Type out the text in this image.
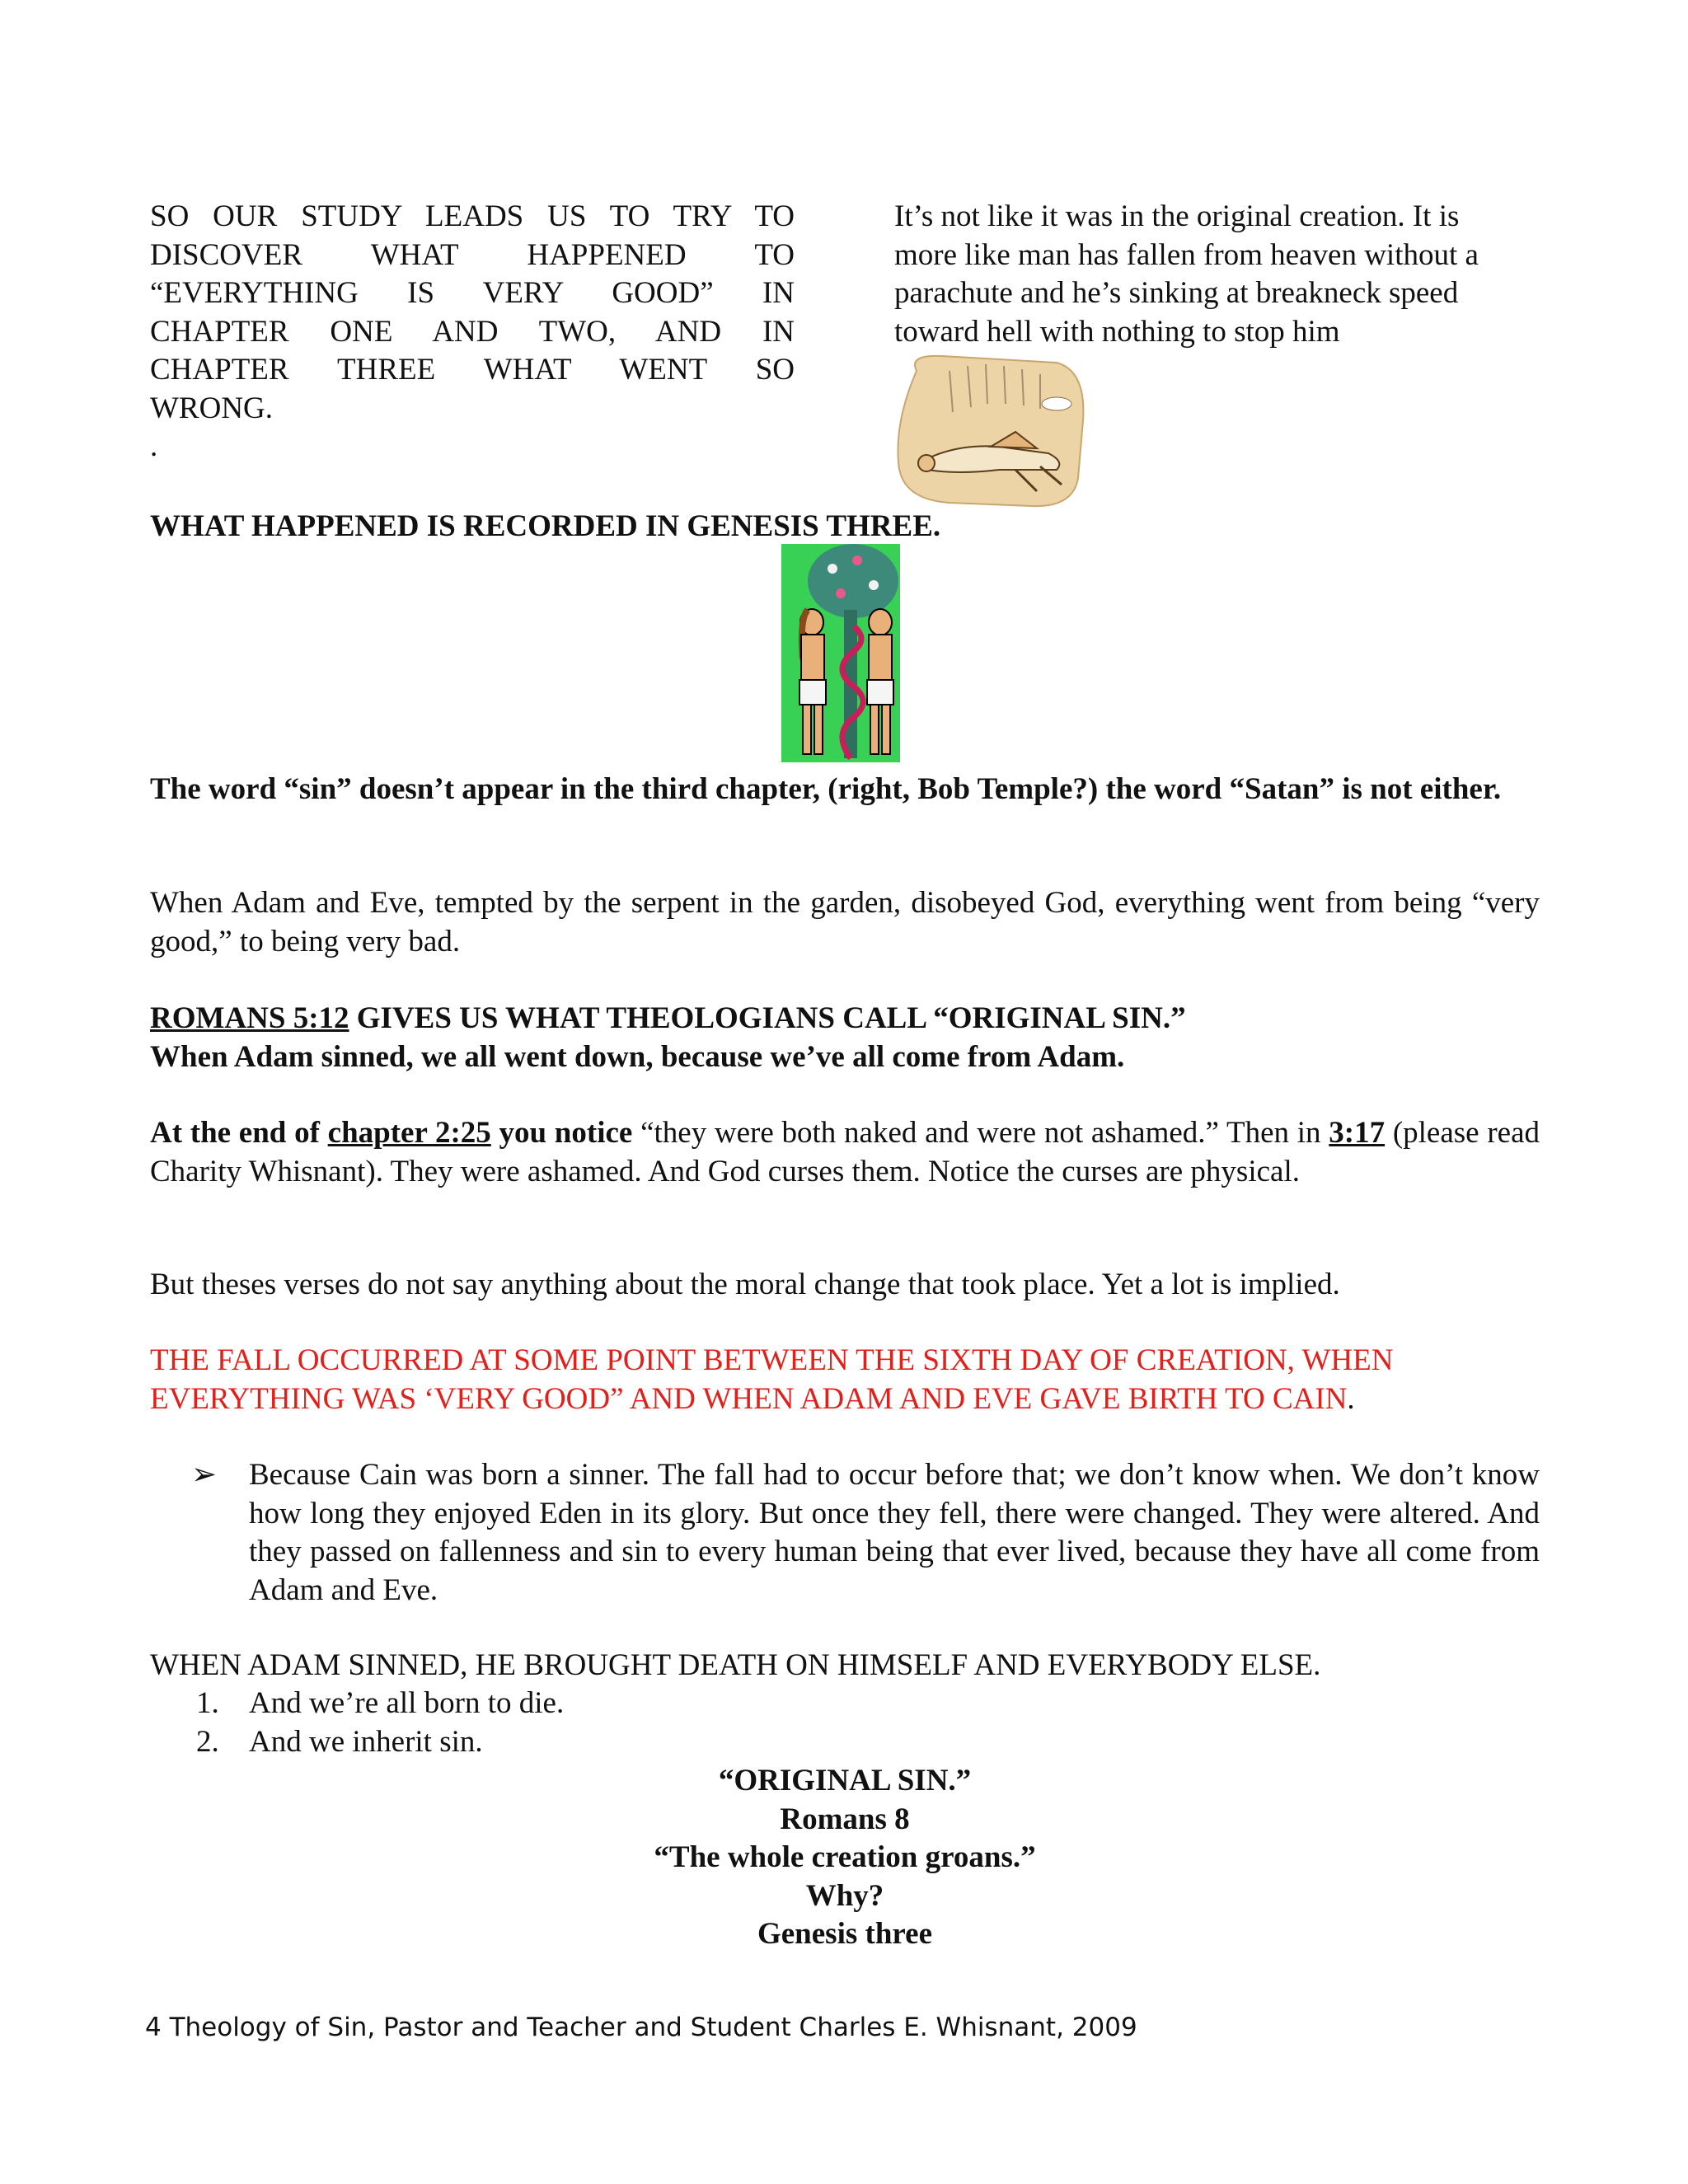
SO OUR STUDY LEADS US TO TRY TO
DISCOVER WHAT HAPPENED TO
“EVERYTHING IS VERY GOOD” IN
CHAPTER ONE AND TWO, AND IN
CHAPTER THREE WHAT WENT SO
WRONG.
.
It’s not like it was in the original creation. It is
more like man has fallen from heaven without a
parachute and he’s sinking at breakneck speed
toward hell with nothing to stop him
WHAT HAPPENED IS RECORDED IN GENESIS THREE.
The word “sin” doesn’t appear in the third chapter, (right, Bob Temple?) the word “Satan” is not either.
When Adam and Eve, tempted by the serpent in the garden, disobeyed God, everything went from being “very good,” to being very bad.
ROMANS 5:12 GIVES US WHAT THEOLOGIANS CALL “ORIGINAL SIN.”
When Adam sinned, we all went down, because we’ve all come from Adam.
At the end of chapter 2:25 you notice “they were both naked and were not ashamed.” Then in 3:17 (please read Charity Whisnant). They were ashamed. And God curses them. Notice the curses are physical.
But theses verses do not say anything about the moral change that took place. Yet a lot is implied.
THE FALL OCCURRED AT SOME POINT BETWEEN THE SIXTH DAY OF CREATION, WHEN EVERYTHING WAS ‘VERY GOOD” AND WHEN ADAM AND EVE GAVE BIRTH TO CAIN.
➢ Because Cain was born a sinner. The fall had to occur before that; we don’t know when. We don’t know how long they enjoyed Eden in its glory. But once they fell, there were changed. They were altered. And they passed on fallenness and sin to every human being that ever lived, because they have all come from Adam and Eve.
WHEN ADAM SINNED, HE BROUGHT DEATH ON HIMSELF AND EVERYBODY ELSE.
1. And we’re all born to die.
2. And we inherit sin.
“ORIGINAL SIN.”
Romans 8
“The whole creation groans.”
Why?
Genesis three
4 Theology of Sin, Pastor and Teacher and Student Charles E. Whisnant, 2009
